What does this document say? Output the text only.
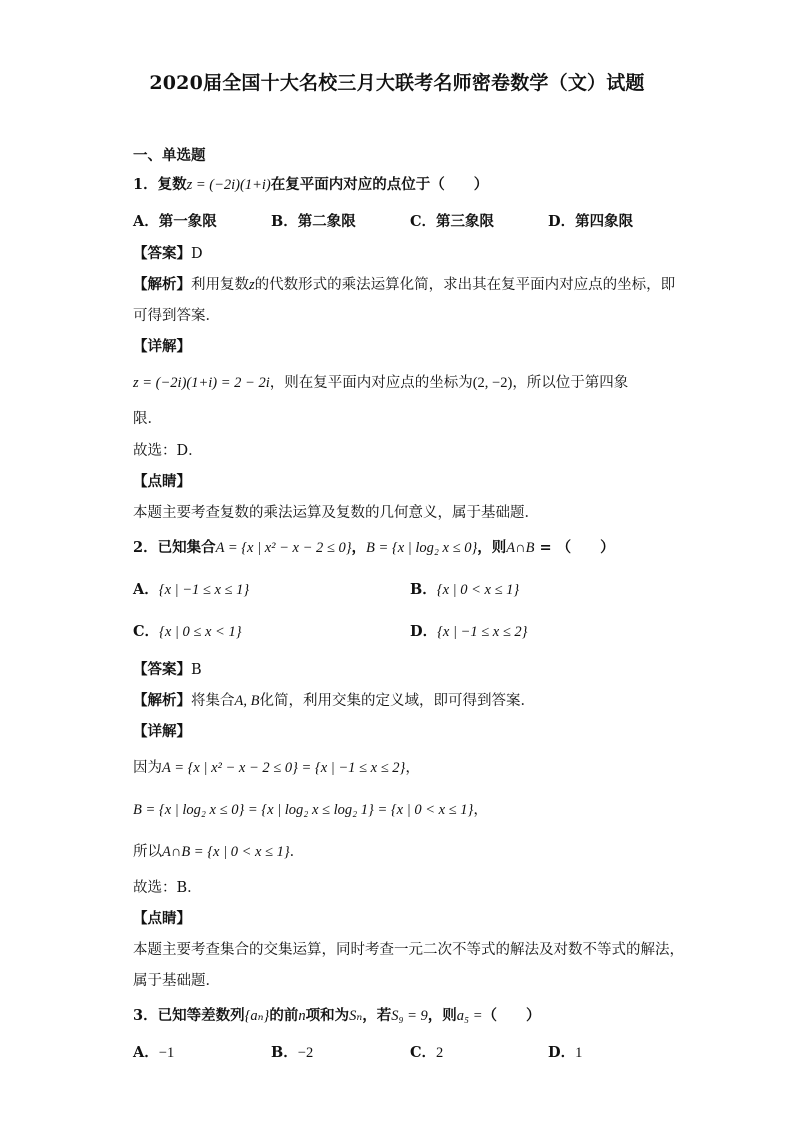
2020届全国十大名校三月大联考名师密卷数学（文）试题
一、单选题
1．复数z = (−2i)(1+i)在复平面内对应的点位于（　　）
A．第一象限	B．第二象限	C．第三象限	D．第四象限
【答案】D
【解析】利用复数z的代数形式的乘法运算化简，求出其在复平面内对应点的坐标，即
可得到答案．
【详解】
z = (−2i)(1+i) = 2 − 2i，则在复平面内对应点的坐标为(2, −2)，所以位于第四象
限．
故选：D．
【点睛】
本题主要考查复数的乘法运算及复数的几何意义，属于基础题．
2．已知集合A = {x | x² − x − 2 ≤ 0}，B = {x | log₂ x ≤ 0}，则A∩B = （　　）
A．{x | −1 ≤ x ≤ 1}	B．{x | 0 < x ≤ 1}
C．{x | 0 ≤ x < 1}	D．{x | −1 ≤ x ≤ 2}
【答案】B
【解析】将集合A, B化简，利用交集的定义域，即可得到答案．
【详解】
因为A = {x | x² − x − 2 ≤ 0} = {x | −1 ≤ x ≤ 2}，
B = {x | log₂ x ≤ 0} = {x | log₂ x ≤ log₂ 1} = {x | 0 < x ≤ 1}，
所以A∩B = {x | 0 < x ≤ 1}．
故选：B．
【点睛】
本题主要考查集合的交集运算，同时考查一元二次不等式的解法及对数不等式的解法，
属于基础题．
3．已知等差数列{aₙ}的前n项和为Sₙ，若S₉ = 9，则a₅ =（　　）
A．−1	B．−2	C．2	D．1
